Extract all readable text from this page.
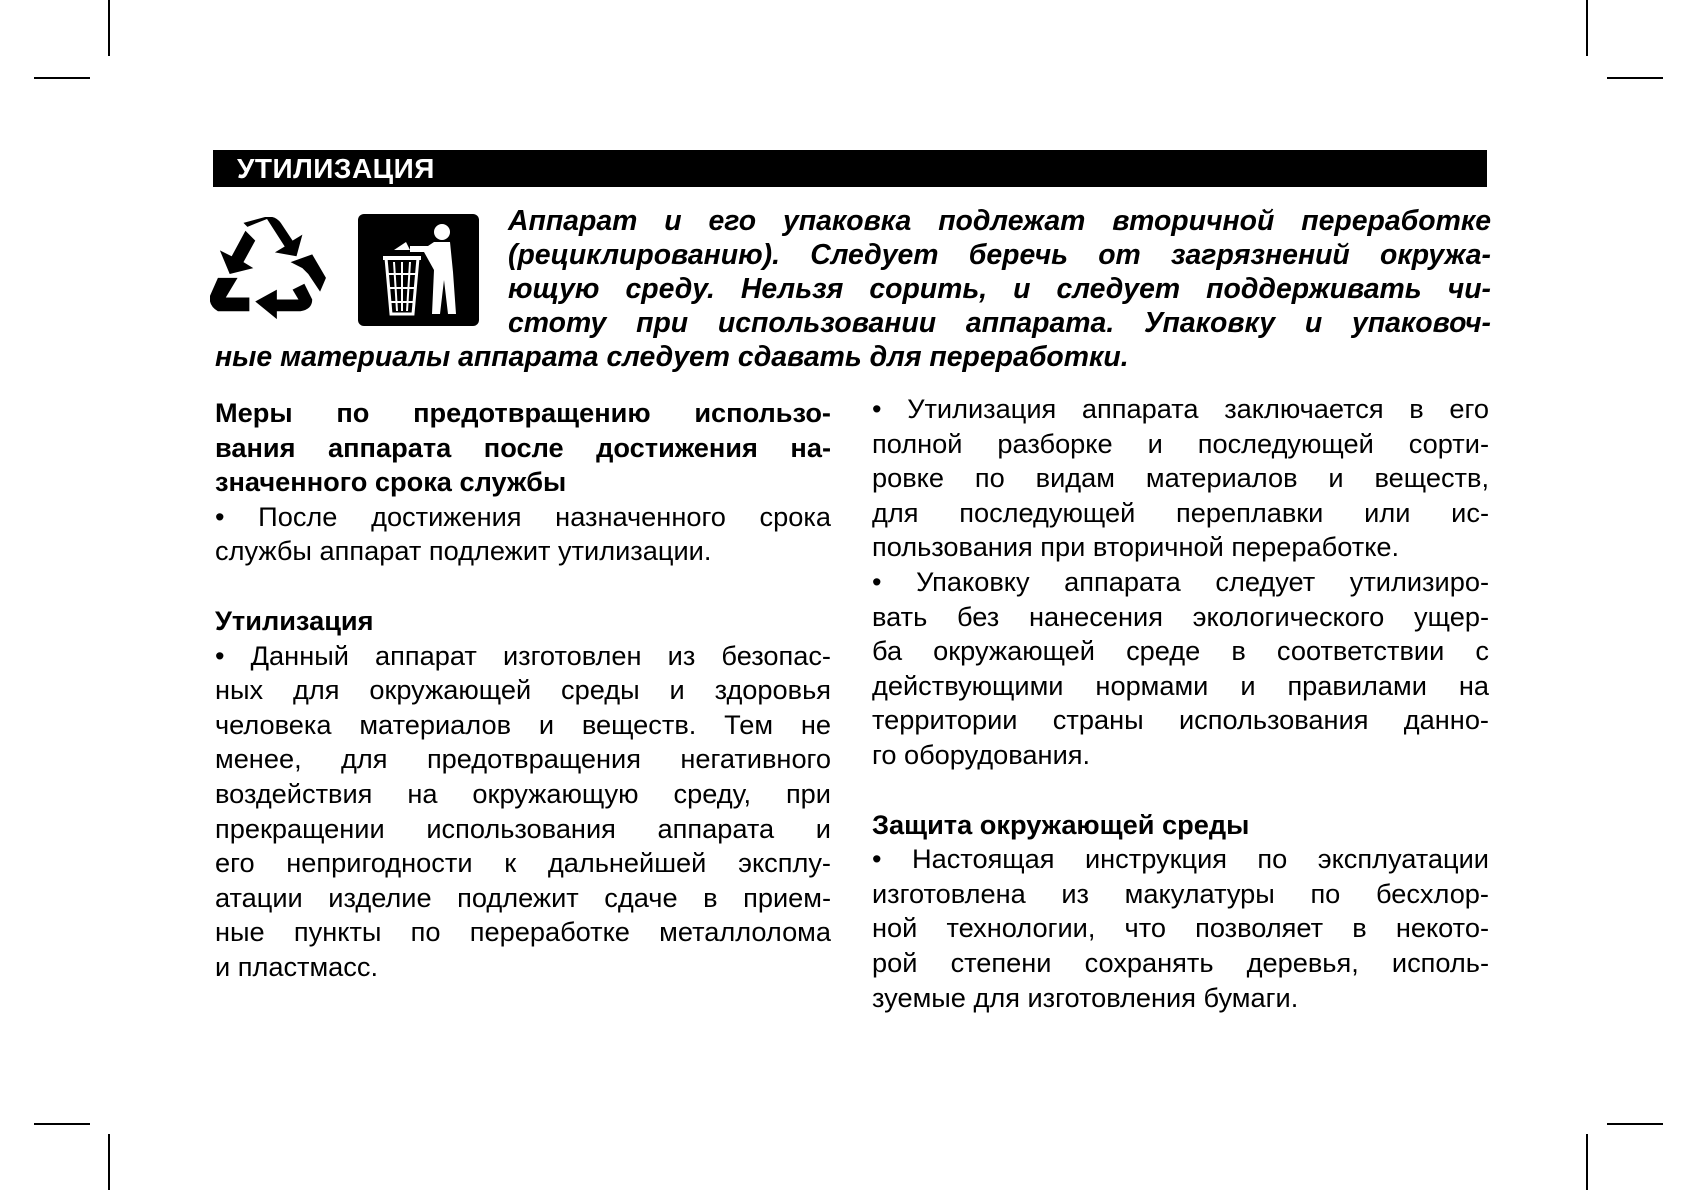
УТИЛИЗАЦИЯ
Аппарат и его упаковка подлежат вторичной переработке
(рециклированию). Следует беречь от загрязнений окружа-
ющую среду. Нельзя сорить, и следует поддерживать чи-
стоту при использовании аппарата. Упаковку и упаковоч-
ные материалы аппарата следует сдавать для переработки.
Меры по предотвращению использо-
вания аппарата после достижения на-
значенного срока службы

• После достижения назначенного срока
службы аппарат подлежит утилизации.

Утилизация

• Данный аппарат изготовлен из безопас-
ных для окружающей среды и здоровья
человека материалов и веществ. Тем не
менее, для предотвращения негативного
воздействия на окружающую среду, при
прекращении использования аппарата и
его непригодности к дальнейшей эксплу-
атации изделие подлежит сдаче в прием-
ные пункты по переработке металлолома
и пластмасс.

• Утилизация аппарата заключается в его
полной разборке и последующей сорти-
ровке по видам материалов и веществ,
для последующей переплавки или ис-
пользования при вторичной переработке.

• Упаковку аппарата следует утилизиро-
вать без нанесения экологического ущер-
ба окружающей среде в соответствии с
действующими нормами и правилами на
территории страны использования данно-
го оборудования.

Защита окружающей среды

• Настоящая инструкция по эксплуатации
изготовлена из макулатуры по бесхлор-
ной технологии, что позволяет в некото-
рой степени сохранять деревья, исполь-
зуемые для изготовления бумаги.
